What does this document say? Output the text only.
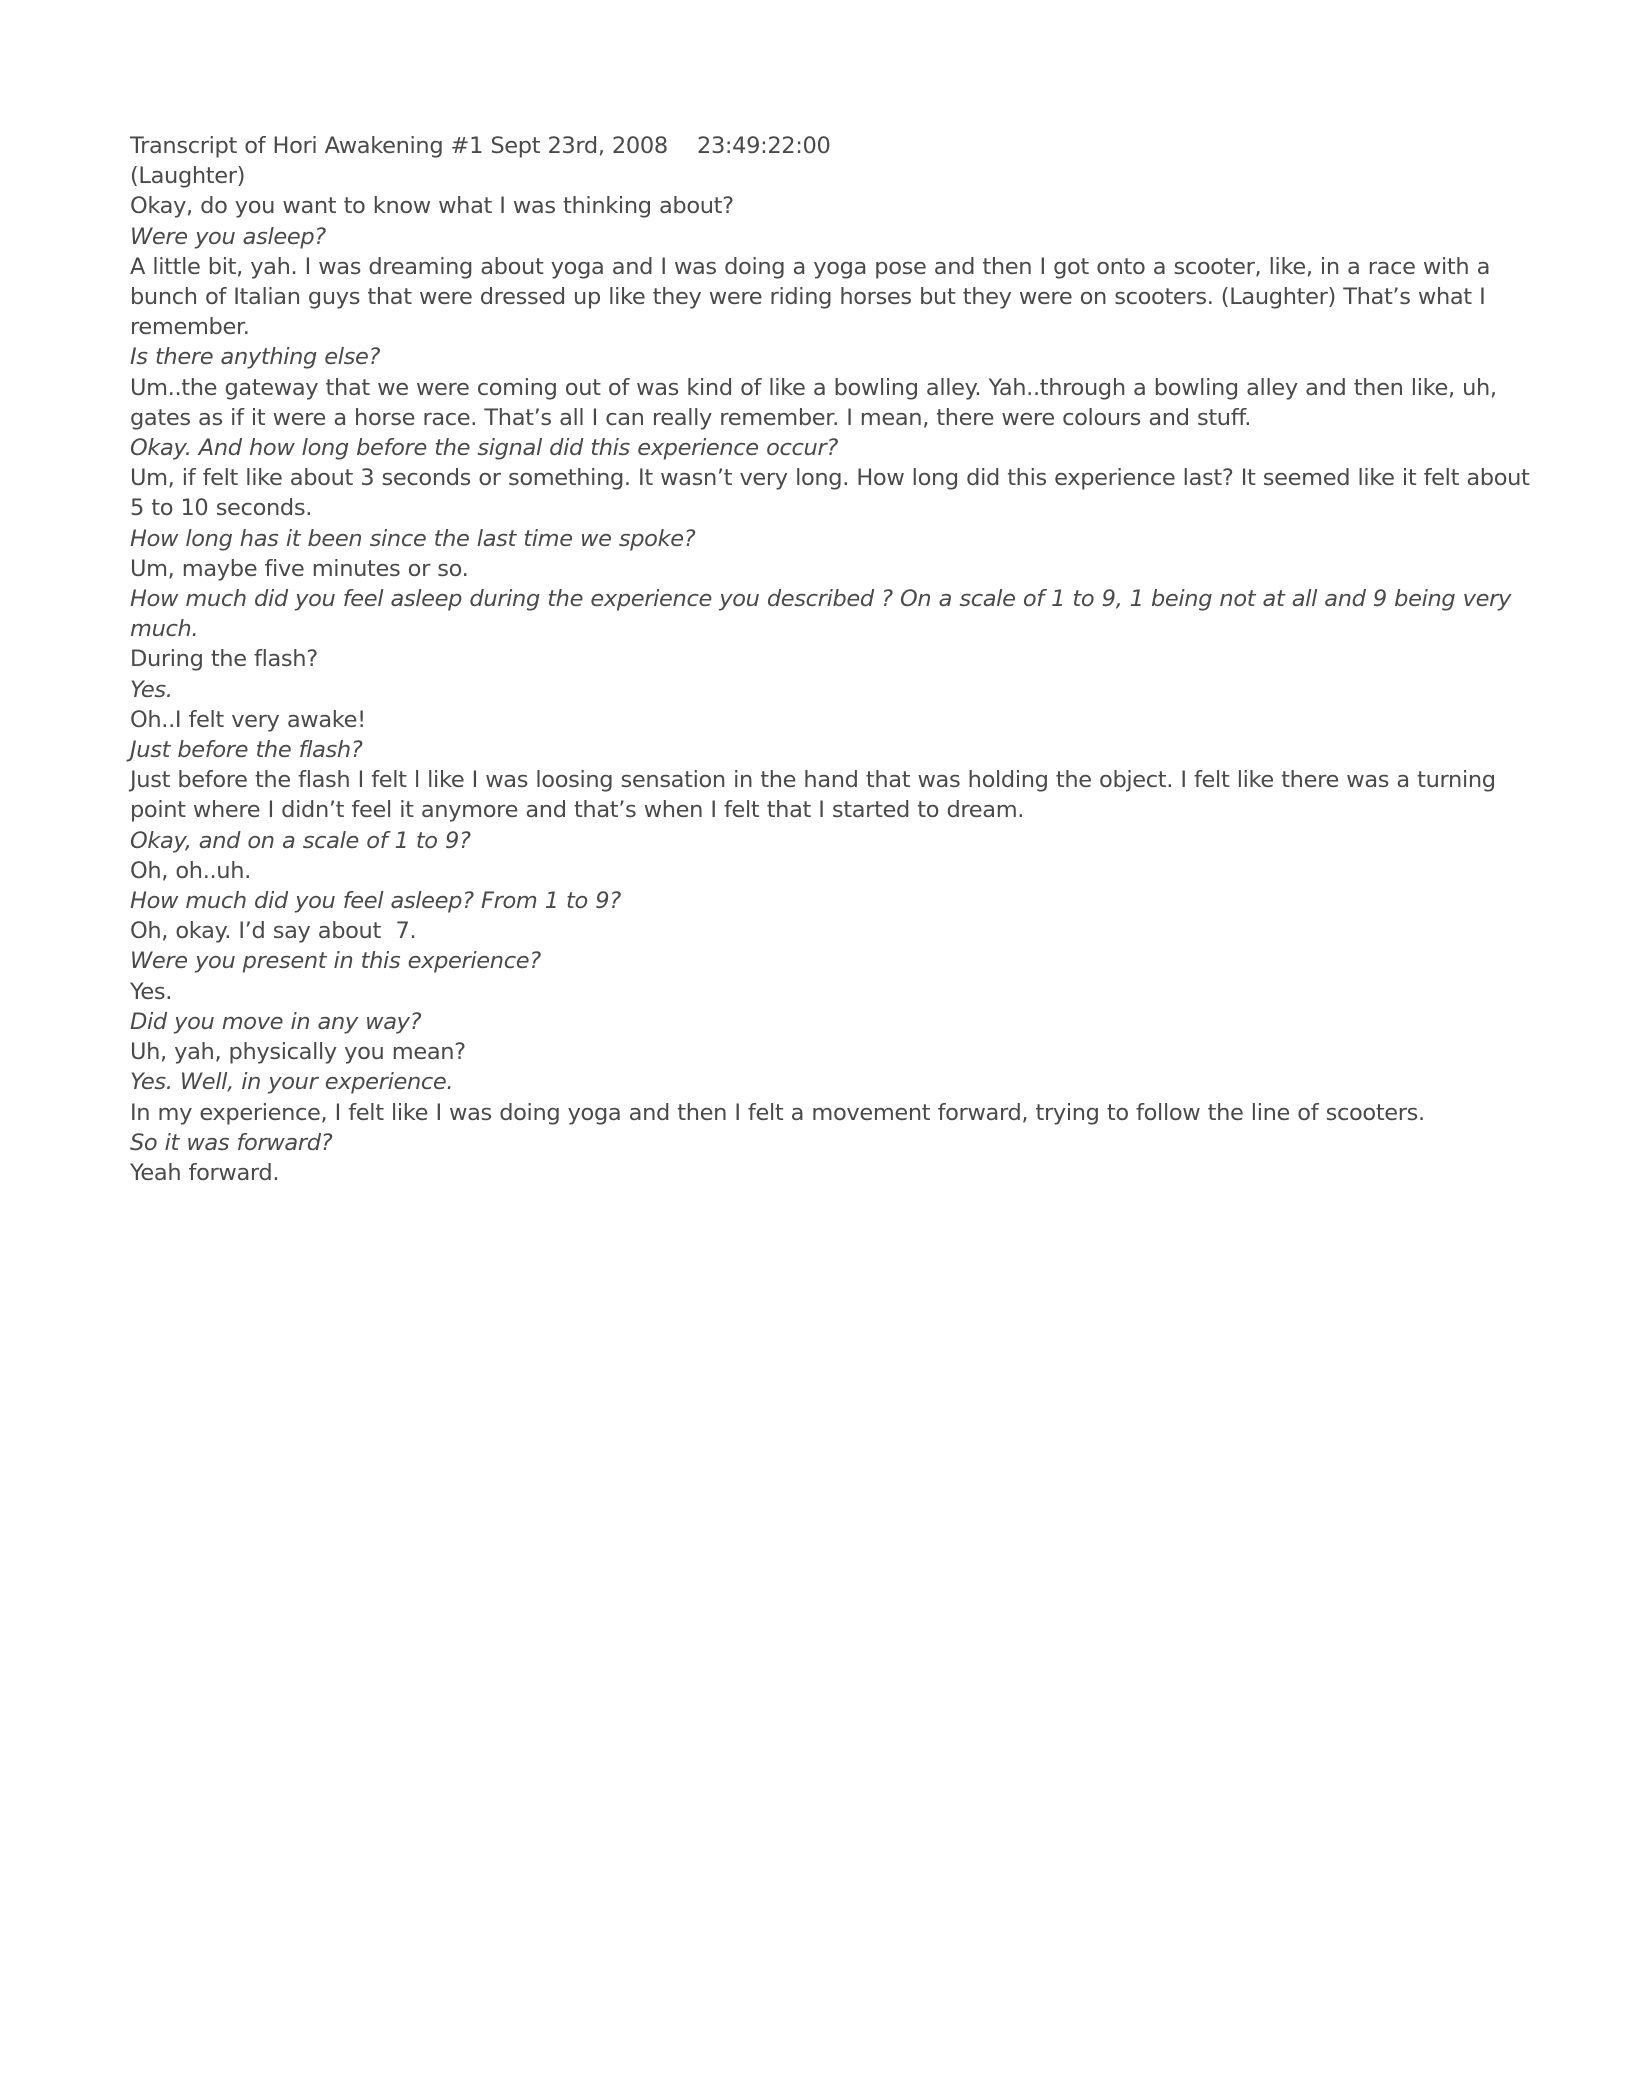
Transcript of Hori Awakening #1 Sept 23rd, 2008    23:49:22:00

(Laughter)

Okay, do you want to know what I was thinking about?

Were you asleep?

A little bit, yah. I was dreaming about yoga and I was doing a yoga pose and then I got onto a scooter, like, in a race with a bunch of Italian guys that were dressed up like they were riding horses but they were on scooters. (Laughter) That’s what I remember.

Is there anything else?

Um..the gateway that we were coming out of was kind of like a bowling alley. Yah..through a bowling alley and then like, uh, gates as if it were a horse race. That’s all I can really remember. I mean, there were colours and stuff.

Okay. And how long before the signal did this experience occur?

Um, if felt like about 3 seconds or something. It wasn’t very long. How long did this experience last? It seemed like it felt about 5 to 10 seconds.

How long has it been since the last time we spoke?

Um, maybe five minutes or so.

How much did you feel asleep during the experience you described ? On a scale of 1 to 9, 1 being not at all and 9 being very much.

During the flash?

Yes.

Oh..I felt very awake!

Just before the flash?

Just before the flash I felt l like I was loosing sensation in the hand that was holding the object. I felt like there was a turning point where I didn’t feel it anymore and that’s when I felt that I started to dream.

Okay, and on a scale of 1 to 9?

Oh, oh..uh.

How much did you feel asleep? From 1 to 9?

Oh, okay. I’d say about  7.

Were you present in this experience?

Yes.

Did you move in any way?

Uh, yah, physically you mean?

Yes. Well, in your experience.

In my experience, I felt like I was doing yoga and then I felt a movement forward, trying to follow the line of scooters.

So it was forward?

Yeah forward.
